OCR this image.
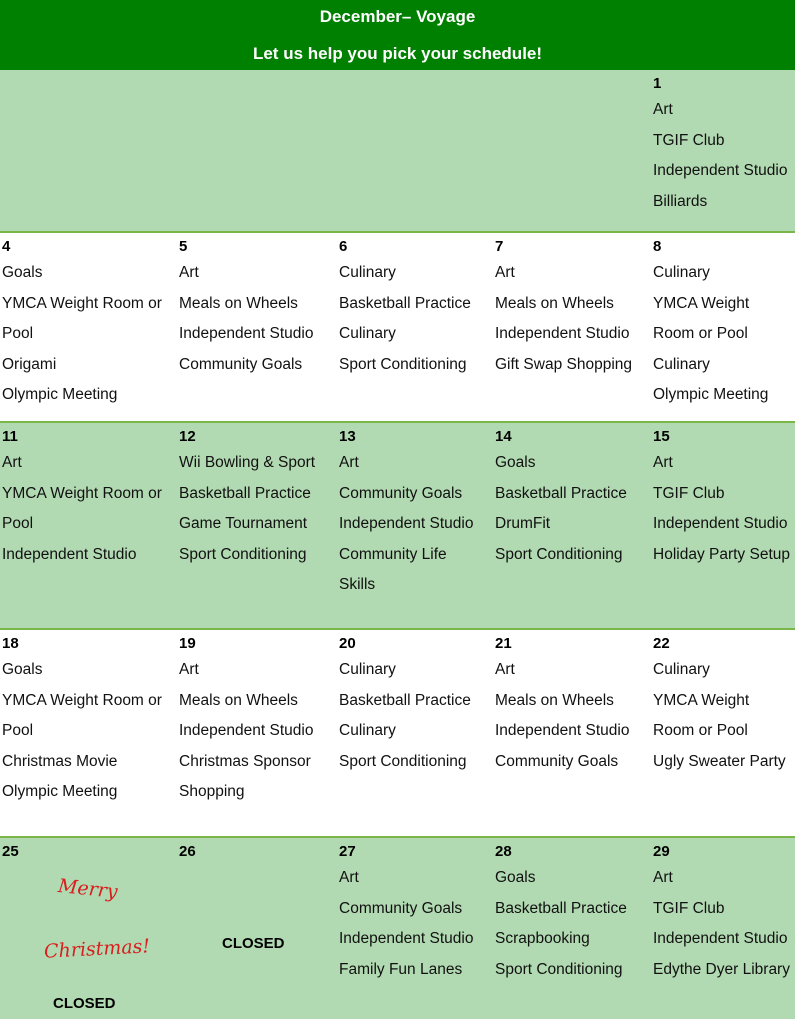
December– Voyage
Let us help you pick your schedule!
1
Art
TGIF Club
Independent Studio
Billiards
4
Goals
YMCA Weight Room or
Pool
Origami
Olympic Meeting
5
Art
Meals on Wheels
Independent Studio
Community Goals
6
Culinary
Basketball Practice
Culinary
Sport Conditioning
7
Art
Meals on Wheels
Independent Studio
Gift Swap Shopping
8
Culinary
YMCA Weight
Room or Pool
Culinary
Olympic Meeting
11
Art
YMCA Weight Room or
Pool
Independent Studio
12
Wii Bowling & Sport
Basketball Practice
Game Tournament
Sport Conditioning
13
Art
Community Goals
Independent Studio
Community Life
Skills
14
Goals
Basketball Practice
DrumFit
Sport Conditioning
15
Art
TGIF Club
Independent Studio
Holiday Party Setup
18
Goals
YMCA Weight Room or
Pool
Christmas Movie
Olympic Meeting
19
Art
Meals on Wheels
Independent Studio
Christmas Sponsor
Shopping
20
Culinary
Basketball Practice
Culinary
Sport Conditioning
21
Art
Meals on Wheels
Independent Studio
Community Goals
22
Culinary
YMCA Weight
Room or Pool
Ugly Sweater Party
25
Merry
Christmas!
CLOSED
26
CLOSED
27
Art
Community Goals
Independent Studio
Family Fun Lanes
28
Goals
Basketball Practice
Scrapbooking
Sport Conditioning
29
Art
TGIF Club
Independent Studio
Edythe Dyer Library
